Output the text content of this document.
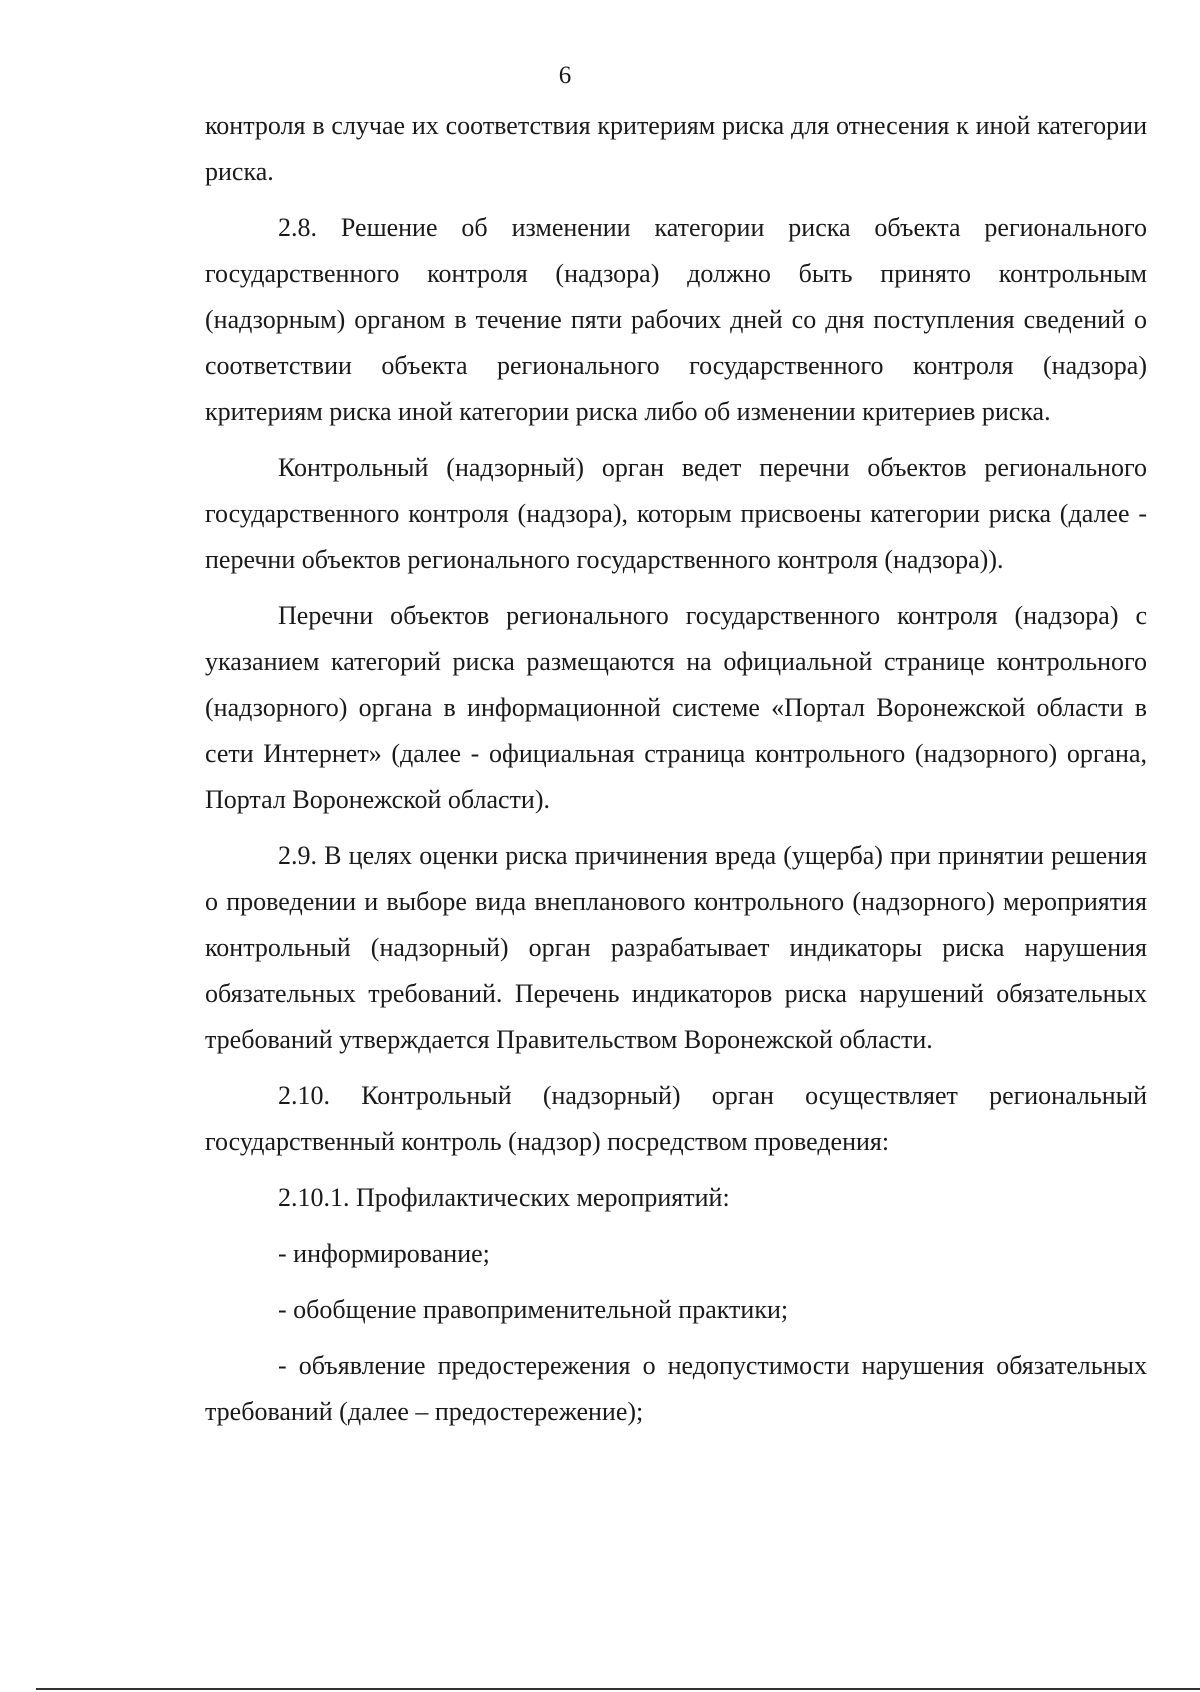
6

контроля в случае их соответствия критериям риска для отнесения к иной категории риска.

2.8. Решение об изменении категории риска объекта регионального государственного контроля (надзора) должно быть принято контрольным (надзорным) органом в течение пяти рабочих дней со дня поступления сведений о соответствии объекта регионального государственного контроля (надзора) критериям риска иной категории риска либо об изменении критериев риска.

Контрольный (надзорный) орган ведет перечни объектов регионального государственного контроля (надзора), которым присвоены категории риска (далее - перечни объектов регионального государственного контроля (надзора)).

Перечни объектов регионального государственного контроля (надзора) с указанием категорий риска размещаются на официальной странице контрольного (надзорного) органа в информационной системе «Портал Воронежской области в сети Интернет» (далее - официальная страница контрольного (надзорного) органа, Портал Воронежской области).

2.9. В целях оценки риска причинения вреда (ущерба) при принятии решения о проведении и выборе вида внепланового контрольного (надзорного) мероприятия контрольный (надзорный) орган разрабатывает индикаторы риска нарушения обязательных требований. Перечень индикаторов риска нарушений обязательных требований утверждается Правительством Воронежской области.

2.10. Контрольный (надзорный) орган осуществляет региональный государственный контроль (надзор) посредством проведения:

2.10.1. Профилактических мероприятий:

- информирование;

- обобщение правоприменительной практики;

- объявление предостережения о недопустимости нарушения обязательных требований (далее – предостережение);
